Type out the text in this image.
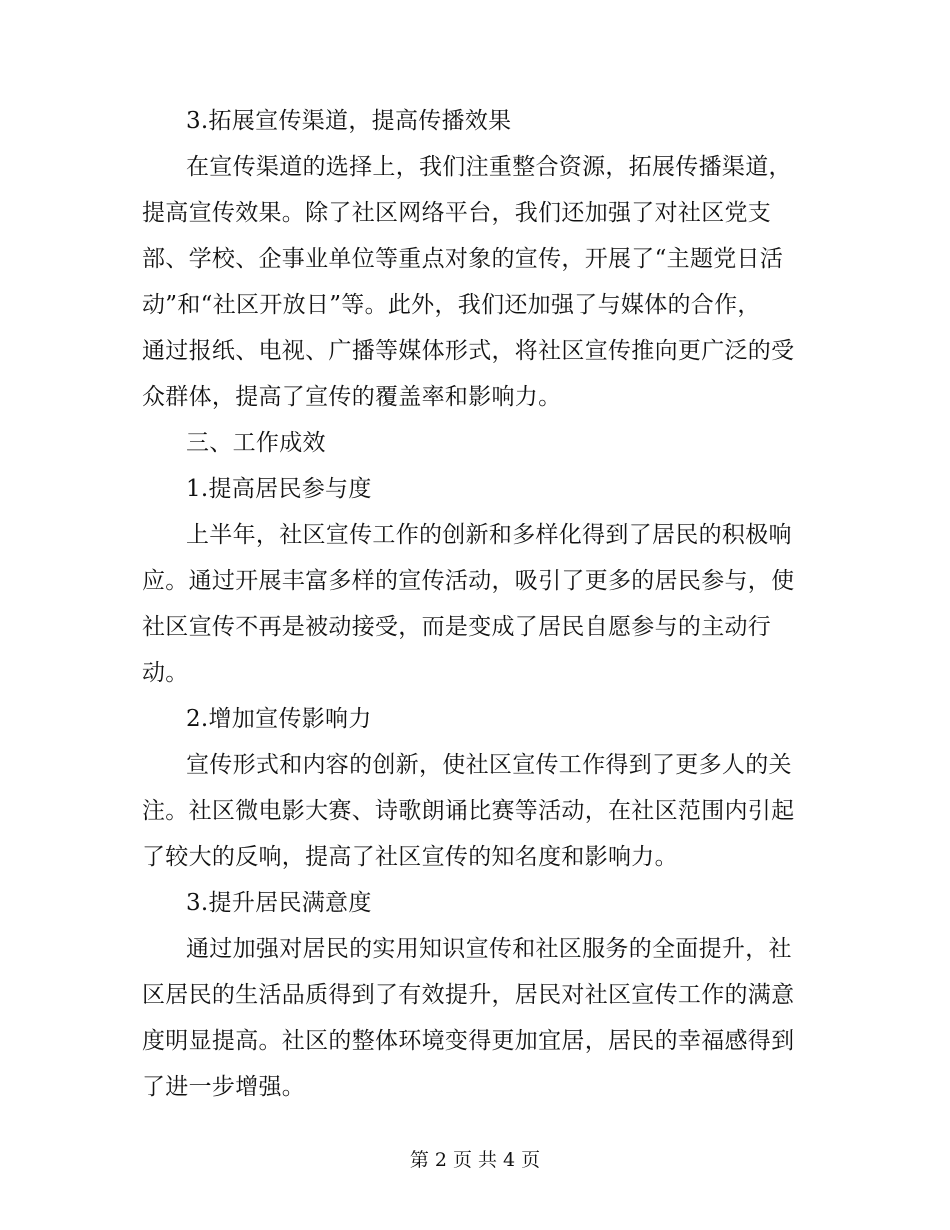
3.拓展宣传渠道，提高传播效果
在宣传渠道的选择上，我们注重整合资源，拓展传播渠道，
提高宣传效果。除了社区网络平台，我们还加强了对社区党支
部、学校、企事业单位等重点对象的宣传，开展了“主题党日活
动”和“社区开放日”等。此外，我们还加强了与媒体的合作，
通过报纸、电视、广播等媒体形式，将社区宣传推向更广泛的受
众群体，提高了宣传的覆盖率和影响力。
三、工作成效
1.提高居民参与度
上半年，社区宣传工作的创新和多样化得到了居民的积极响
应。通过开展丰富多样的宣传活动，吸引了更多的居民参与，使
社区宣传不再是被动接受，而是变成了居民自愿参与的主动行
动。
2.增加宣传影响力
宣传形式和内容的创新，使社区宣传工作得到了更多人的关
注。社区微电影大赛、诗歌朗诵比赛等活动，在社区范围内引起
了较大的反响，提高了社区宣传的知名度和影响力。
3.提升居民满意度
通过加强对居民的实用知识宣传和社区服务的全面提升，社
区居民的生活品质得到了有效提升，居民对社区宣传工作的满意
度明显提高。社区的整体环境变得更加宜居，居民的幸福感得到
了进一步增强。
第 2 页 共 4 页
